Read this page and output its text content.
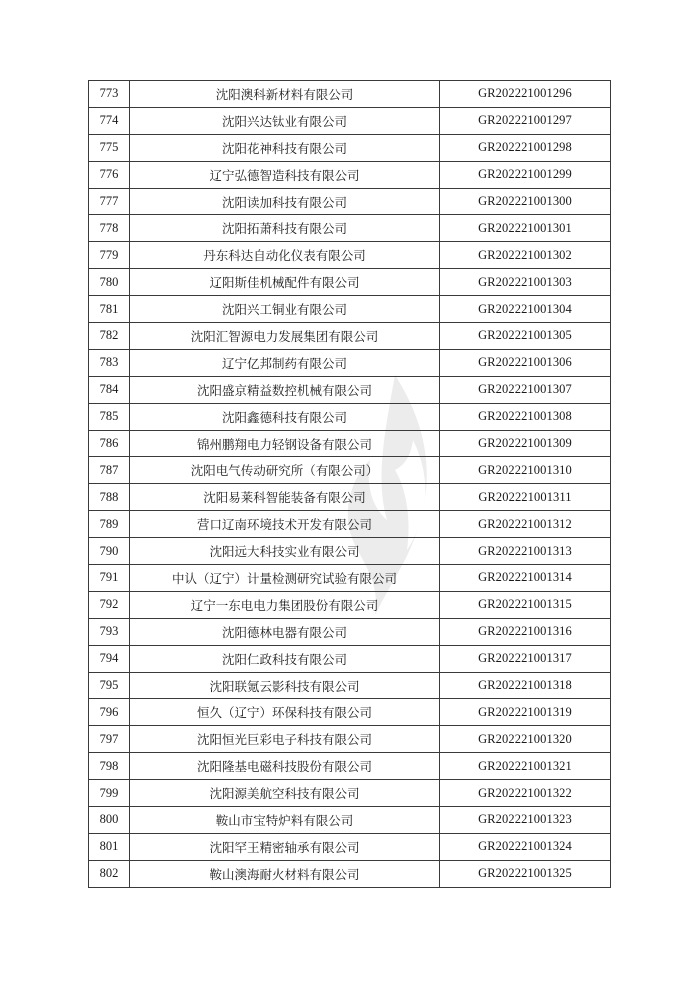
773	沈阳澳科新材料有限公司	GR202221001296
774	沈阳兴达钛业有限公司	GR202221001297
775	沈阳花神科技有限公司	GR202221001298
776	辽宁弘德智造科技有限公司	GR202221001299
777	沈阳读加科技有限公司	GR202221001300
778	沈阳拓萧科技有限公司	GR202221001301
779	丹东科达自动化仪表有限公司	GR202221001302
780	辽阳斯佳机械配件有限公司	GR202221001303
781	沈阳兴工铜业有限公司	GR202221001304
782	沈阳汇智源电力发展集团有限公司	GR202221001305
783	辽宁亿邦制药有限公司	GR202221001306
784	沈阳盛京精益数控机械有限公司	GR202221001307
785	沈阳鑫德科技有限公司	GR202221001308
786	锦州鹏翔电力轻钢设备有限公司	GR202221001309
787	沈阳电气传动研究所（有限公司）	GR202221001310
788	沈阳易莱科智能装备有限公司	GR202221001311
789	营口辽南环境技术开发有限公司	GR202221001312
790	沈阳远大科技实业有限公司	GR202221001313
791	中认（辽宁）计量检测研究试验有限公司	GR202221001314
792	辽宁一东电电力集团股份有限公司	GR202221001315
793	沈阳德林电器有限公司	GR202221001316
794	沈阳仁政科技有限公司	GR202221001317
795	沈阳联氪云影科技有限公司	GR202221001318
796	恒久（辽宁）环保科技有限公司	GR202221001319
797	沈阳恒光巨彩电子科技有限公司	GR202221001320
798	沈阳隆基电磁科技股份有限公司	GR202221001321
799	沈阳源美航空科技有限公司	GR202221001322
800	鞍山市宝特炉料有限公司	GR202221001323
801	沈阳罕王精密轴承有限公司	GR202221001324
802	鞍山澳海耐火材料有限公司	GR202221001325
